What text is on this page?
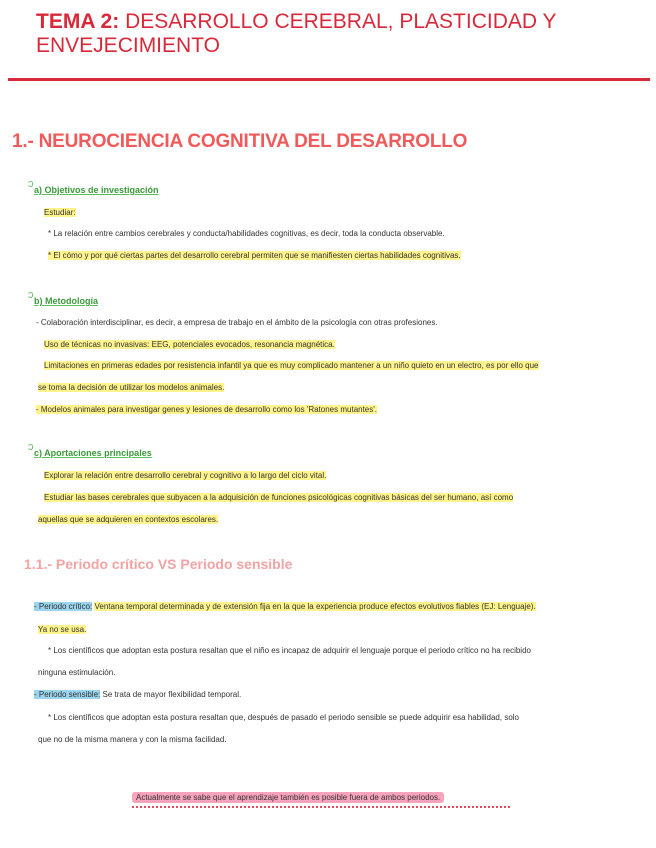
TEMA 2: DESARROLLO CEREBRAL, PLASTICIDAD Y
ENVEJECIMIENTO
1.- NEUROCIENCIA COGNITIVA DEL DESARROLLO
ↄ a) Objetivos de investigación
Estudiar:
* La relación entre cambios cerebrales y conducta/habilidades cognitivas, es decir, toda la conducta observable.
* El cómo y por qué ciertas partes del desarrollo cerebral permiten que se manifiesten ciertas habilidades cognitivas.
ↄ b) Metodología
- Colaboración interdisciplinar, es decir, a empresa de trabajo en el ámbito de la psicología con otras profesiones.
Uso de técnicas no invasivas: EEG, potenciales evocados, resonancia magnética.
Limitaciones en primeras edades por resistencia infantil ya que es muy complicado mantener a un niño quieto en un electro, es por ello que
se toma la decisión de utilizar los modelos animales.
- Modelos animales para investigar genes y lesiones de desarrollo como los 'Ratones mutantes'.
ↄ c) Aportaciones principales
Explorar la relación entre desarrollo cerebral y cognitivo a lo largo del ciclo vital.
Estudiar las bases cerebrales que subyacen a la adquisición de funciones psicológicas cognitivas básicas del ser humano, así como
aquellas que se adquieren en contextos escolares.
1.1.- Periodo crítico VS Periodo sensible
- Periodo crítico: Ventana temporal determinada y de extensión fija en la que la experiencia produce efectos evolutivos fiables (EJ: Lenguaje).
Ya no se usa.
* Los científicos que adoptan esta postura resaltan que el niño es incapaz de adquirir el lenguaje porque el periodo crítico no ha recibido
ninguna estimulación.
- Periodo sensible: Se trata de mayor flexibilidad temporal.
* Los científicos que adoptan esta postura resaltan que, después de pasado el periodo sensible se puede adquirir esa habilidad, solo
que no de la misma manera y con la misma facilidad.
Actualmente se sabe que el aprendizaje también es posible fuera de ambos periodos.
